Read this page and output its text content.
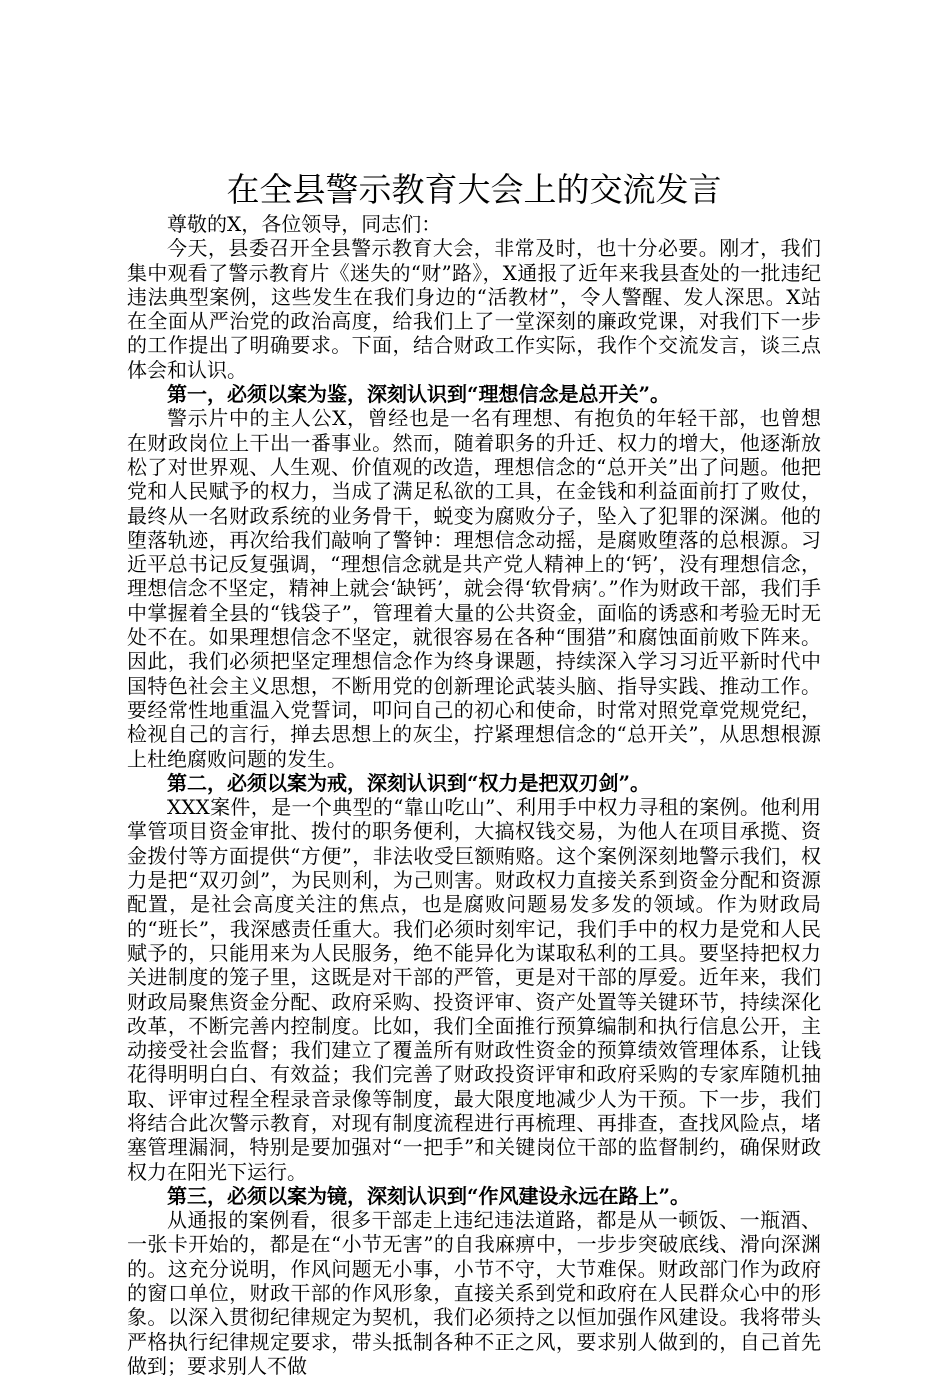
在全县警示教育大会上的交流发言

尊敬的X，各位领导，同志们：

今天，县委召开全县警示教育大会，非常及时，也十分必要。刚才，我们集中观看了警示教育片《迷失的“财”路》，X通报了近年来我县查处的一批违纪违法典型案例，这些发生在我们身边的“活教材”，令人警醒、发人深思。X站在全面从严治党的政治高度，给我们上了一堂深刻的廉政党课，对我们下一步的工作提出了明确要求。下面，结合财政工作实际，我作个交流发言，谈三点体会和认识。

第一，必须以案为鉴，深刻认识到“理想信念是总开关”。

警示片中的主人公X，曾经也是一名有理想、有抱负的年轻干部，也曾想在财政岗位上干出一番事业。然而，随着职务的升迁、权力的增大，他逐渐放松了对世界观、人生观、价值观的改造，理想信念的“总开关”出了问题。他把党和人民赋予的权力，当成了满足私欲的工具，在金钱和利益面前打了败仗，最终从一名财政系统的业务骨干，蜕变为腐败分子，坠入了犯罪的深渊。他的堕落轨迹，再次给我们敲响了警钟：理想信念动摇，是腐败堕落的总根源。习近平总书记反复强调，“理想信念就是共产党人精神上的‘钙’，没有理想信念，理想信念不坚定，精神上就会‘缺钙’，就会得‘软骨病’。”作为财政干部，我们手中掌握着全县的“钱袋子”，管理着大量的公共资金，面临的诱惑和考验无时无处不在。如果理想信念不坚定，就很容易在各种“围猎”和腐蚀面前败下阵来。因此，我们必须把坚定理想信念作为终身课题，持续深入学习习近平新时代中国特色社会主义思想，不断用党的创新理论武装头脑、指导实践、推动工作。要经常性地重温入党誓词，叩问自己的初心和使命，时常对照党章党规党纪，检视自己的言行，掸去思想上的灰尘，拧紧理想信念的“总开关”，从思想根源上杜绝腐败问题的发生。

第二，必须以案为戒，深刻认识到“权力是把双刃剑”。

XXX案件，是一个典型的“靠山吃山”、利用手中权力寻租的案例。他利用掌管项目资金审批、拨付的职务便利，大搞权钱交易，为他人在项目承揽、资金拨付等方面提供“方便”，非法收受巨额贿赂。这个案例深刻地警示我们，权力是把“双刃剑”，为民则利，为己则害。财政权力直接关系到资金分配和资源配置，是社会高度关注的焦点，也是腐败问题易发多发的领域。作为财政局的“班长”，我深感责任重大。我们必须时刻牢记，我们手中的权力是党和人民赋予的，只能用来为人民服务，绝不能异化为谋取私利的工具。要坚持把权力关进制度的笼子里，这既是对干部的严管，更是对干部的厚爱。近年来，我们财政局聚焦资金分配、政府采购、投资评审、资产处置等关键环节，持续深化改革，不断完善内控制度。比如，我们全面推行预算编制和执行信息公开，主动接受社会监督；我们建立了覆盖所有财政性资金的预算绩效管理体系，让钱花得明明白白、有效益；我们完善了财政投资评审和政府采购的专家库随机抽取、评审过程全程录音录像等制度，最大限度地减少人为干预。下一步，我们将结合此次警示教育，对现有制度流程进行再梳理、再排查，查找风险点，堵塞管理漏洞，特别是要加强对“一把手”和关键岗位干部的监督制约，确保财政权力在阳光下运行。

第三，必须以案为镜，深刻认识到“作风建设永远在路上”。

从通报的案例看，很多干部走上违纪违法道路，都是从一顿饭、一瓶酒、一张卡开始的，都是在“小节无害”的自我麻痹中，一步步突破底线、滑向深渊的。这充分说明，作风问题无小事，小节不守，大节难保。财政部门作为政府的窗口单位，财政干部的作风形象，直接关系到党和政府在人民群众心中的形象。以深入贯彻纪律规定为契机，我们必须持之以恒加强作风建设。我将带头严格执行纪律规定要求，带头抵制各种不正之风，要求别人做到的，自己首先做到；要求别人不做
